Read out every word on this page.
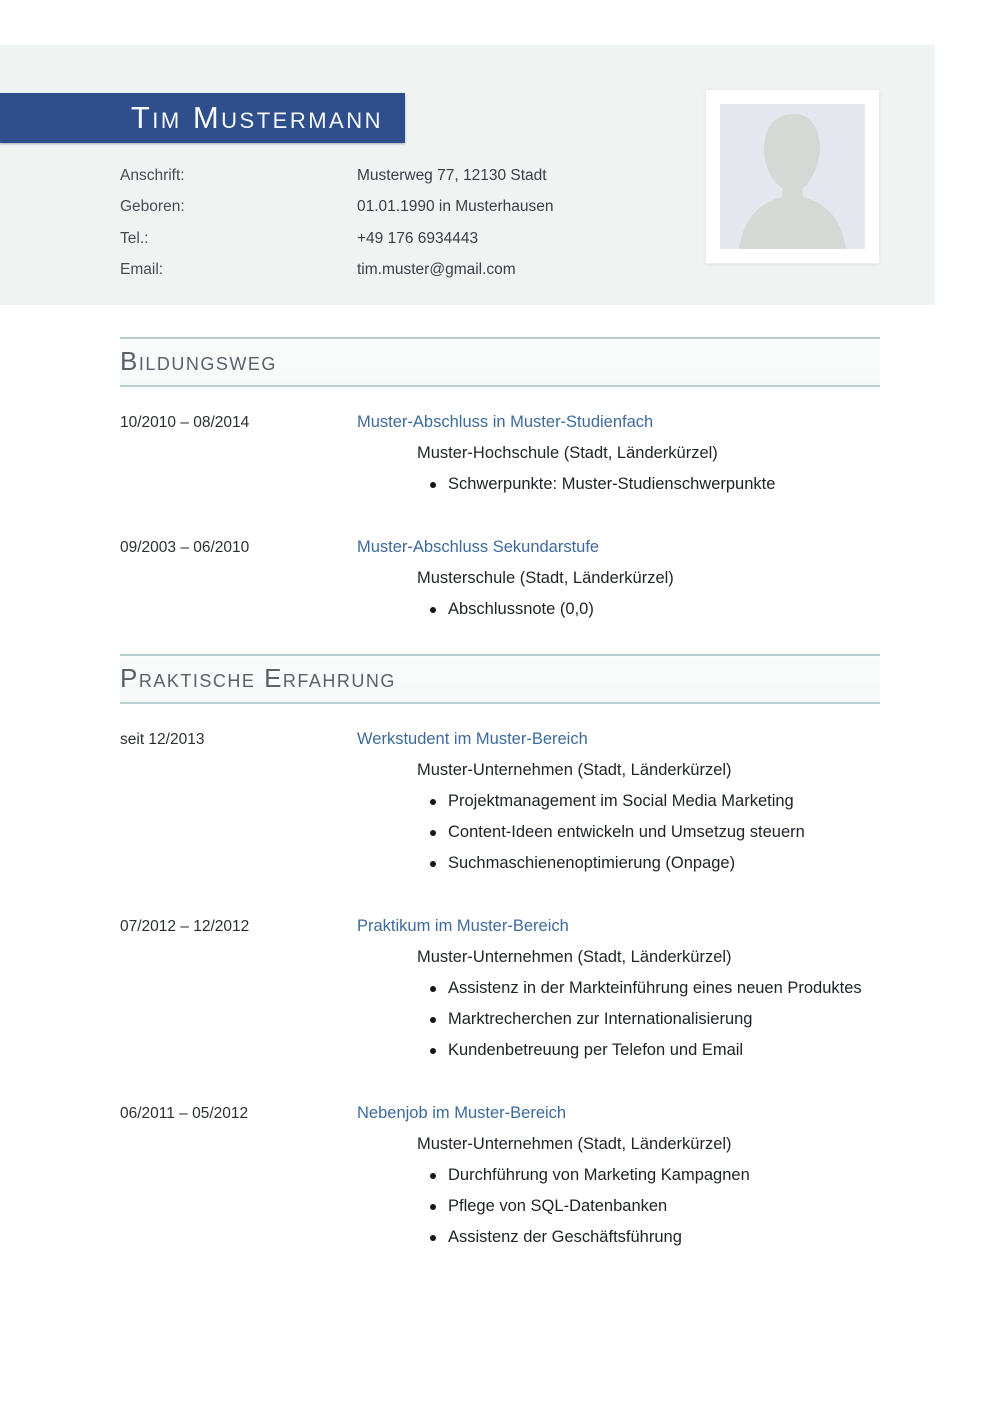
Tim Mustermann
Anschrift:	Musterweg 77, 12130 Stadt
Geboren:	01.01.1990 in Musterhausen
Tel.:	+49 176 6934443
Email:	tim.muster@gmail.com
Bildungsweg
10/2010 – 08/2014	Muster-Abschluss in Muster-Studienfach
Muster-Hochschule (Stadt, Länderkürzel)
Schwerpunkte: Muster-Studienschwerpunkte
09/2003 – 06/2010	Muster-Abschluss Sekundarstufe
Musterschule (Stadt, Länderkürzel)
Abschlussnote (0,0)
Praktische Erfahrung
seit 12/2013	Werkstudent im Muster-Bereich
Muster-Unternehmen (Stadt, Länderkürzel)
Projektmanagement im Social Media Marketing
Content-Ideen entwickeln und Umsetzug steuern
Suchmaschienenoptimierung (Onpage)
07/2012 – 12/2012	Praktikum im Muster-Bereich
Muster-Unternehmen (Stadt, Länderkürzel)
Assistenz in der Markteinführung eines neuen Produktes
Marktrecherchen zur Internationalisierung
Kundenbetreuung per Telefon und Email
06/2011 – 05/2012	Nebenjob im Muster-Bereich
Muster-Unternehmen (Stadt, Länderkürzel)
Durchführung von Marketing Kampagnen
Pflege von SQL-Datenbanken
Assistenz der Geschäftsführung
